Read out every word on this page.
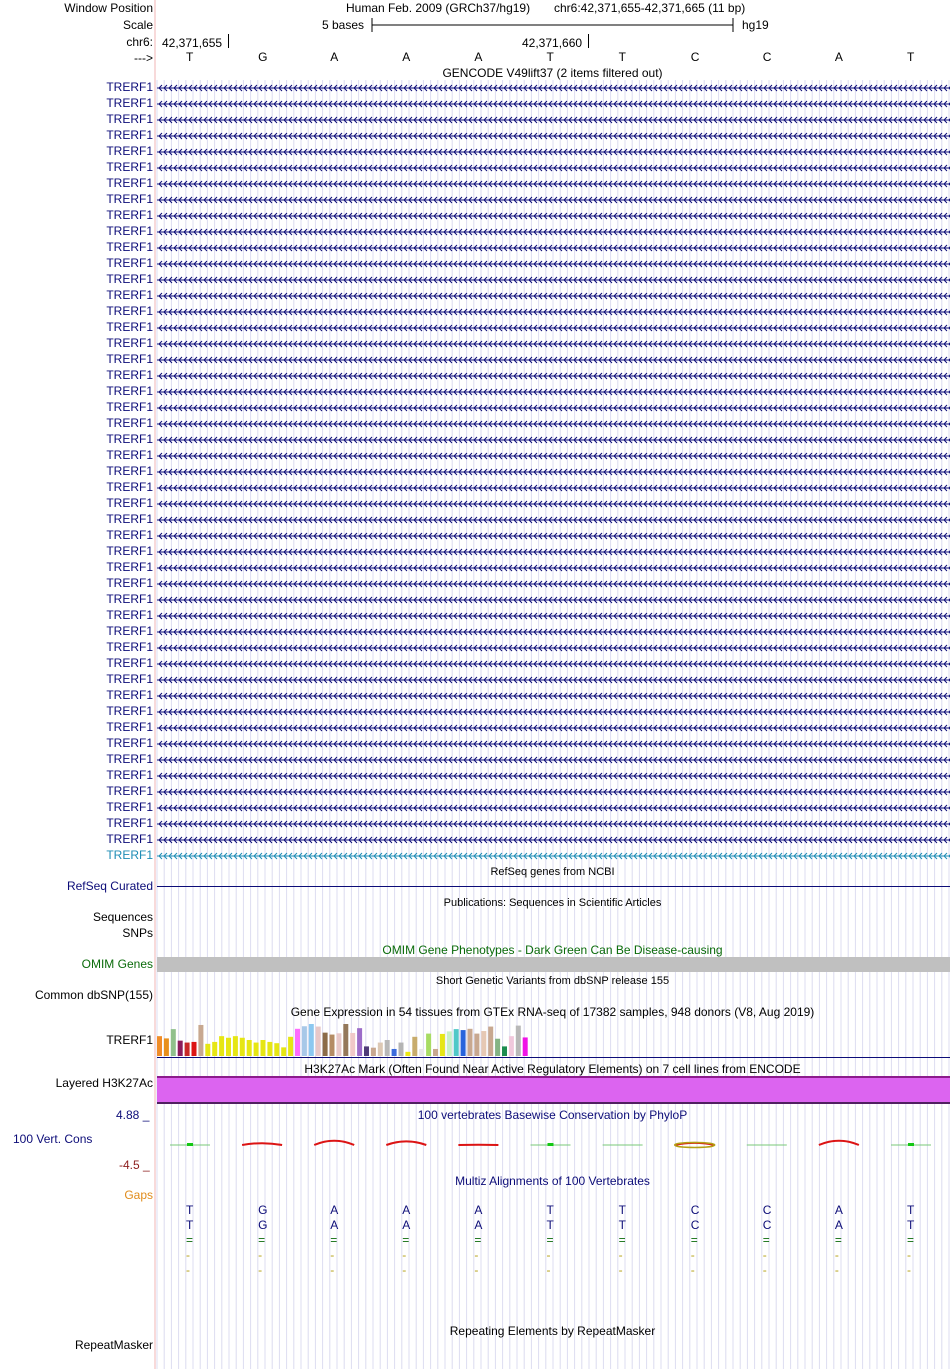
Window Position	Human Feb. 2009 (GRCh37/hg19) chr6:42,371,655-42,371,665 (11 bp)
Scale	5 bases	hg19
chr6: 42,371,655	42,371,660
--->	T	G	A	A	A	T	T	C	C	A	T
GENCODE V49lift37 (2 items filtered out)
TRERF1
TRERF1
TRERF1
TRERF1
TRERF1
TRERF1
TRERF1
TRERF1
TRERF1
TRERF1
TRERF1
TRERF1
TRERF1
TRERF1
TRERF1
TRERF1
TRERF1
TRERF1
TRERF1
TRERF1
TRERF1
TRERF1
TRERF1
TRERF1
TRERF1
TRERF1
TRERF1
TRERF1
TRERF1
TRERF1
TRERF1
TRERF1
TRERF1
TRERF1
TRERF1
TRERF1
TRERF1
TRERF1
TRERF1
TRERF1
TRERF1
TRERF1
TRERF1
TRERF1
TRERF1
TRERF1
TRERF1
TRERF1
TRERF1
RefSeq genes from NCBI
RefSeq Curated
Publications: Sequences in Scientific Articles
Sequences
SNPs
OMIM Gene Phenotypes - Dark Green Can Be Disease-causing
OMIM Genes
Short Genetic Variants from dbSNP release 155
Common dbSNP(155)
Gene Expression in 54 tissues from GTEx RNA-seq of 17382 samples, 948 donors (V8, Aug 2019)
TRERF1
H3K27Ac Mark (Often Found Near Active Regulatory Elements) on 7 cell lines from ENCODE
Layered H3K27Ac
4.88 _	100 vertebrates Basewise Conservation by PhyloP
100 Vert. Cons
-4.5 _
Multiz Alignments of 100 Vertebrates
Gaps
T	G	A	A	A	T	T	C	C	A	T
T	G	A	A	A	T	T	C	C	A	T
=	=	=	=	=	=	=	=	=	=	=
-	-	-	-	-	-	-	-	-	-	-
-	-	-	-	-	-	-	-	-	-	-
Repeating Elements by RepeatMasker
RepeatMasker
